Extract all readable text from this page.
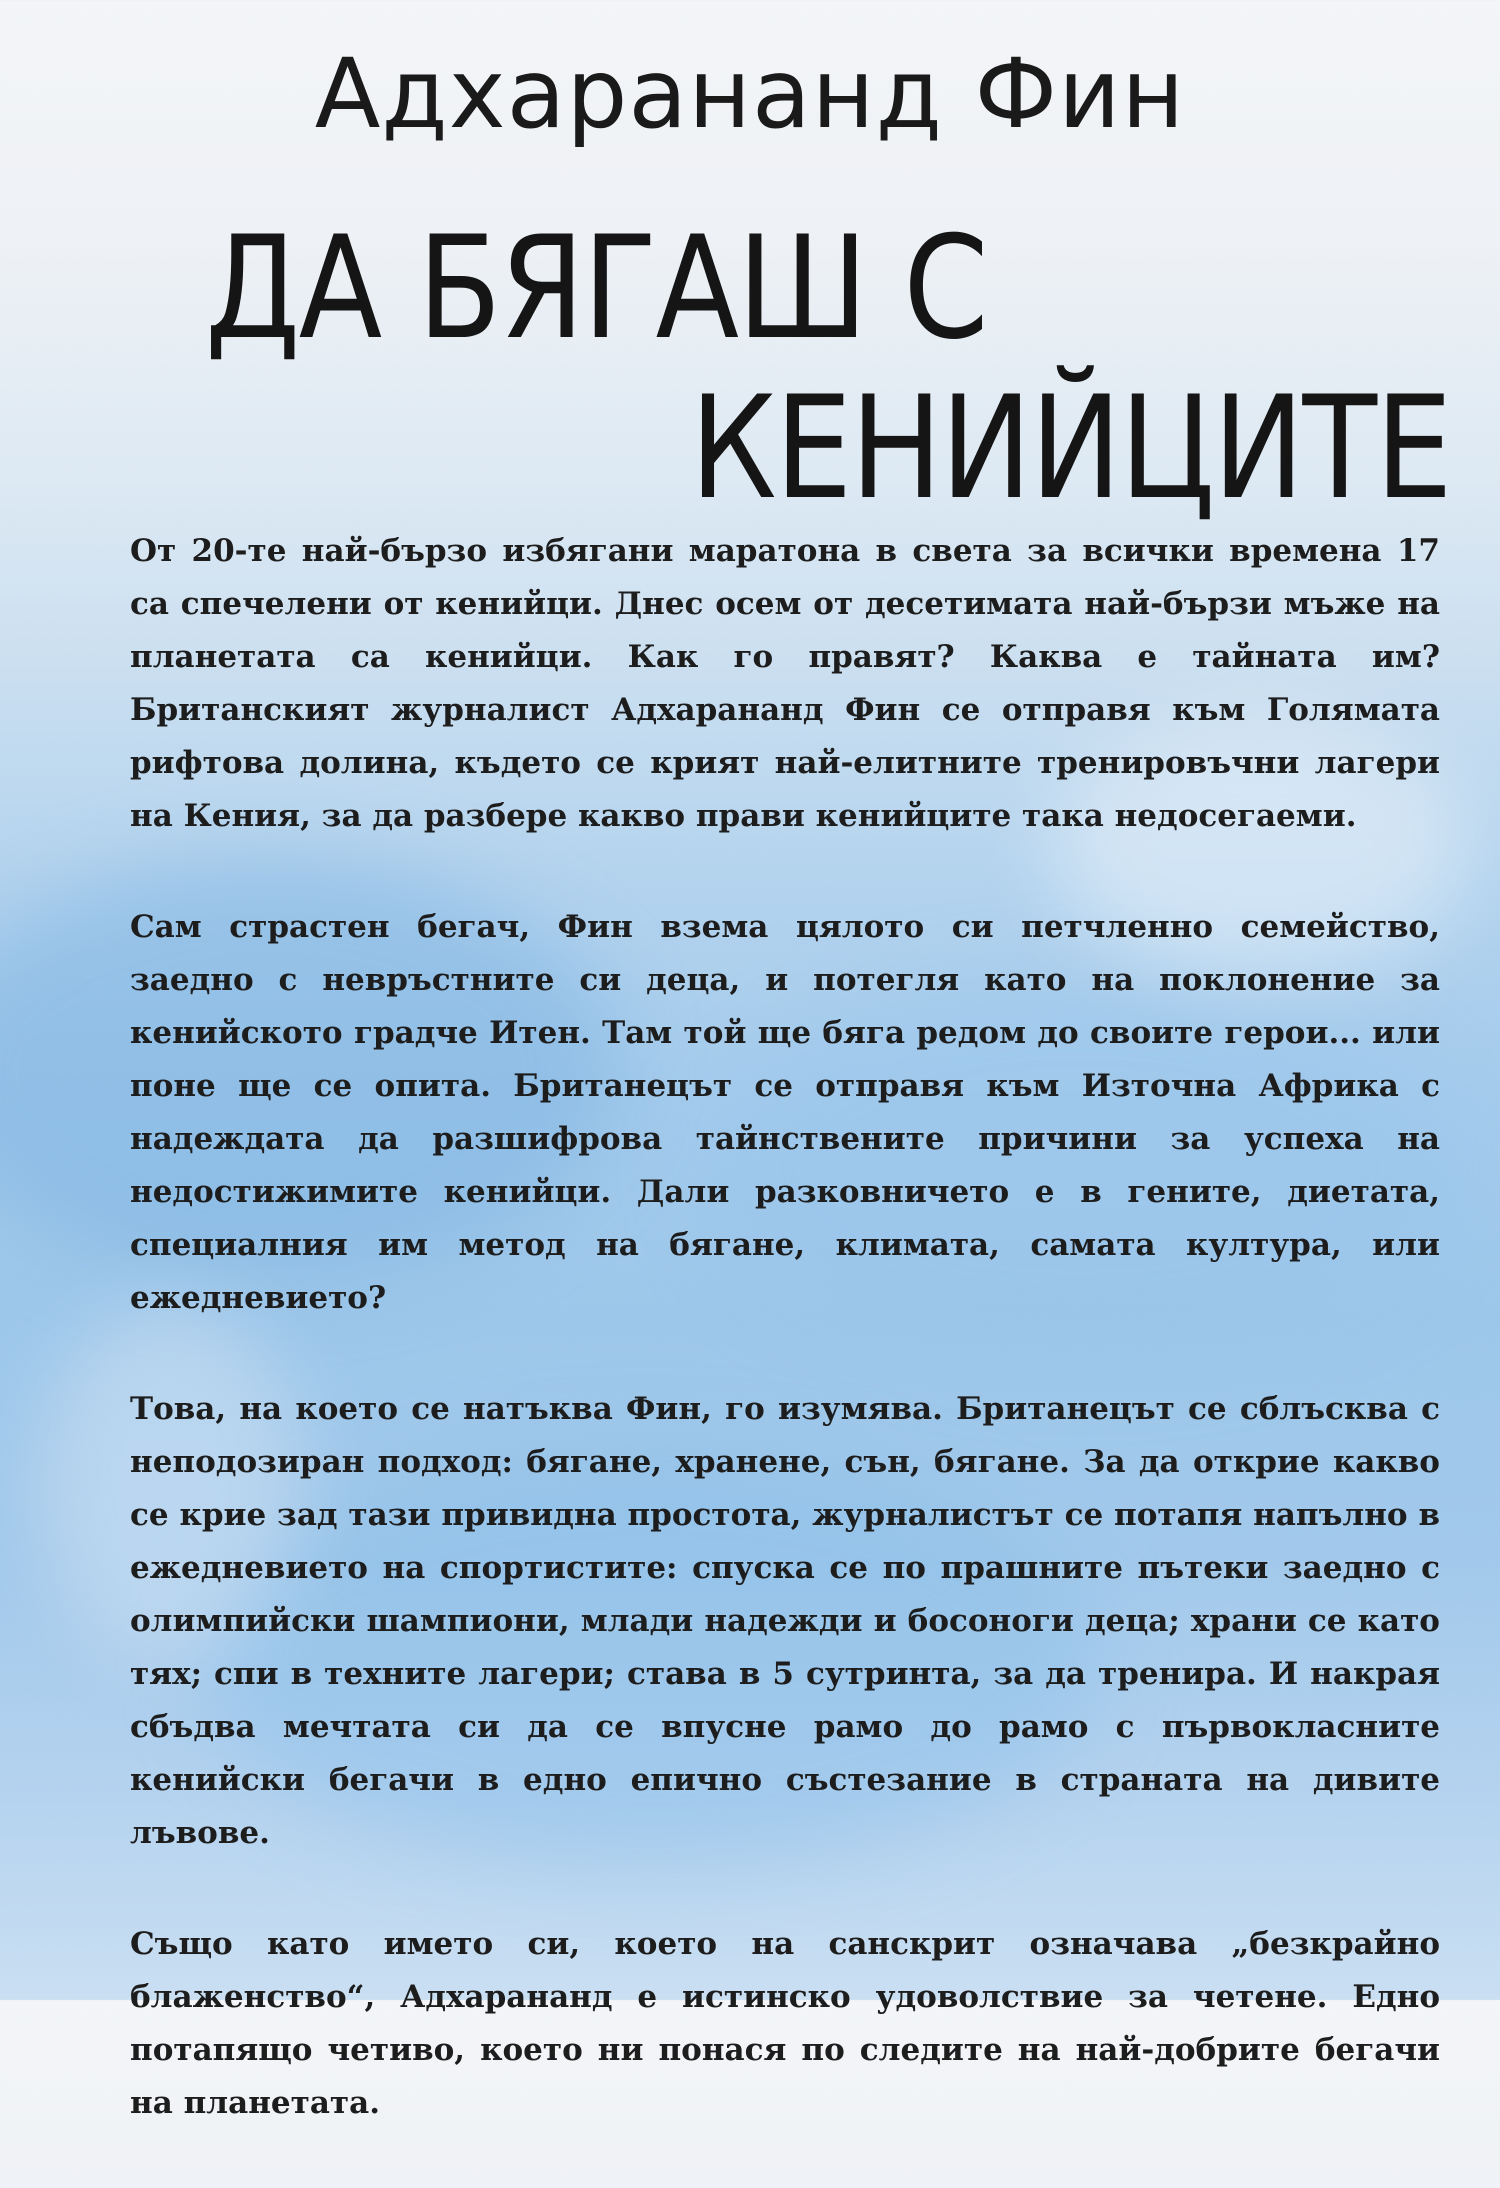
Адхарананд Фин
ДА БЯГАШ С
КЕНИЙЦИТЕ

От 20-те най-бързо избягани маратона в света за всички времена 17 са спечелени от кенийци. Днес осем от десетимата най-бързи мъже на планетата са кенийци. Как го правят? Каква е тайната им? Британският журналист Адхарананд Фин се отправя към Голямата рифтова долина, където се крият най-елитните тренировъчни лагери на Кения, за да разбере какво прави кенийците така недосегаеми.

Сам страстен бегач, Фин взема цялото си петчленно семейство, заедно с невръстните си деца, и потегля като на поклонение за кенийското градче Итен. Там той ще бяга редом до своите герои... или поне ще се опита. Британецът се отправя към Източна Африка с надеждата да разшифрова тайнствените причини за успеха на недостижимите кенийци. Дали разковничето е в гените, диетата, специалния им метод на бягане, климата, самата култура, или ежедневието?

Това, на което се натъква Фин, го изумява. Британецът се сблъсква с неподозиран подход: бягане, хранене, сън, бягане. За да открие какво се крие зад тази привидна простота, журналистът се потапя напълно в ежедневието на спортистите: спуска се по прашните пътеки заедно с олимпийски шампиони, млади надежди и босоноги деца; храни се като тях; спи в техните лагери; става в 5 сутринта, за да тренира. И накрая сбъдва мечтата си да се впусне рамо до рамо с първокласните кенийски бегачи в едно епично състезание в страната на дивите лъвове.

Също като името си, което на санскрит означава „безкрайно блаженство“, Адхарананд е истинско удоволствие за четене. Едно потапящо четиво, което ни понася по следите на най-добрите бегачи на планетата.
